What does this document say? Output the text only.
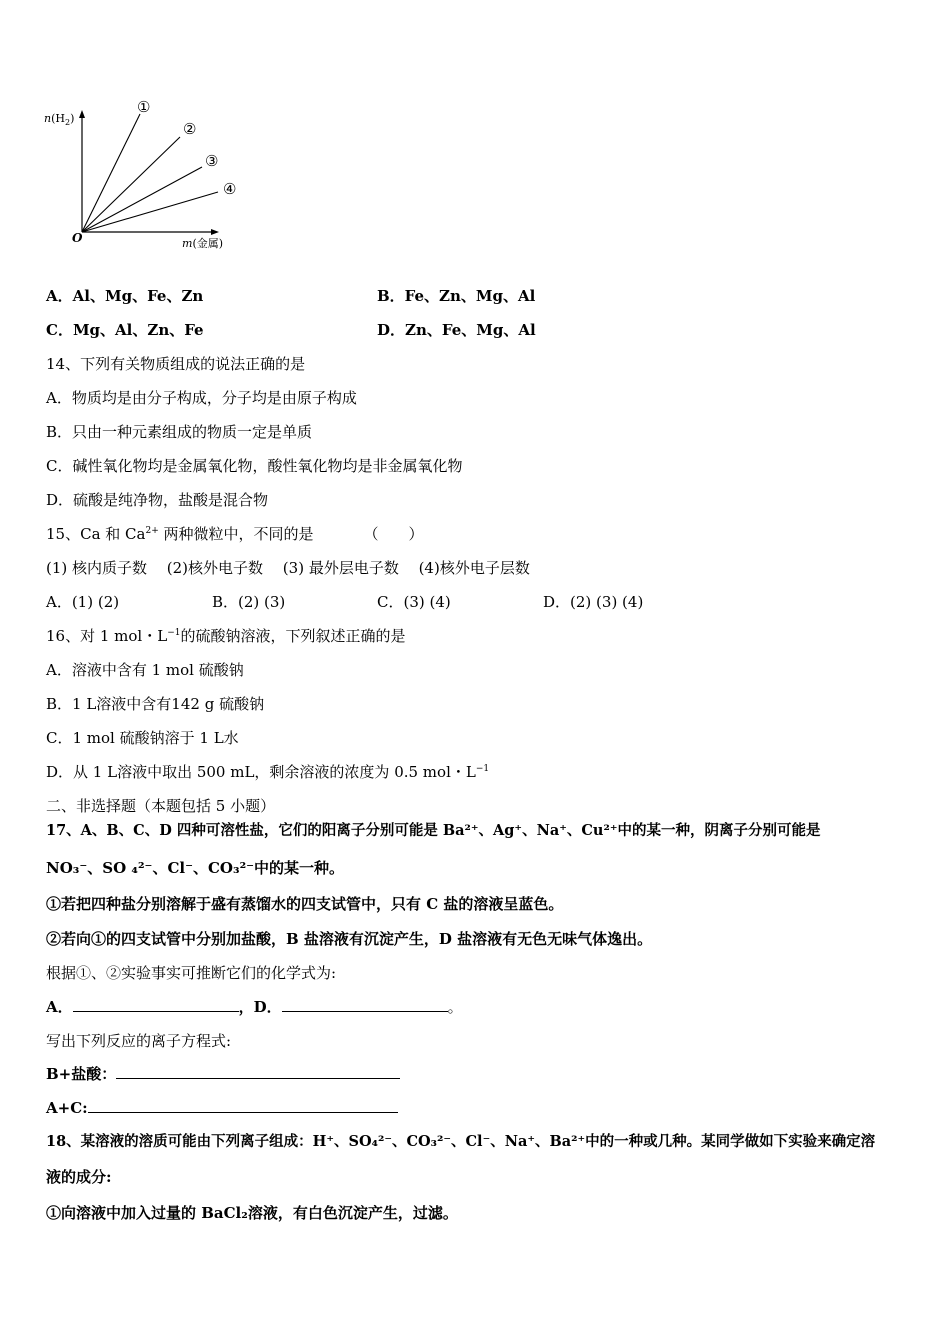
$n(H_2)$
O	m(金属)
①
②
③
④
A．Al、Mg、Fe、Zn	B．Fe、Zn、Mg、Al
C．Mg、Al、Zn、Fe	D．Zn、Fe、Mg、Al
14、下列有关物质组成的说法正确的是
A．物质均是由分子构成，分子均是由原子构成
B．只由一种元素组成的物质一定是单质
C．碱性氧化物均是金属氧化物，酸性氧化物均是非金属氧化物
D．硫酸是纯净物，盐酸是混合物
15、Ca 和 $Ca^{2+}$ 两种微粒中，不同的是	（　　）
(1) 核内质子数　 (2)核外电子数　 (3) 最外层电子数　 (4)核外电子层数
A．(1) (2)	B．(2) (3)	C．(3) (4)	D．(2) (3) (4)
16、对 1 mol・$L^{-1}$的硫酸钠溶液，下列叙述正确的是
A．溶液中含有 1 mol 硫酸钠
B．1 L溶液中含有142 g 硫酸钠
C．1 mol 硫酸钠溶于 1 L水
D．从 1 L溶液中取出 500 mL，剩余溶液的浓度为 0.5 mol・$L^{-1}$
二、非选择题（本题包括 5 小题）
17、A、B、C、D 四种可溶性盐，它们的阳离子分别可能是 Ba²⁺、Ag⁺、Na⁺、Cu²⁺中的某一种，阴离子分别可能是
NO₃⁻、SO ₄²⁻、Cl⁻、CO₃²⁻中的某一种。
①若把四种盐分别溶解于盛有蒸馏水的四支试管中，只有 C 盐的溶液呈蓝色。
②若向①的四支试管中分别加盐酸，B 盐溶液有沉淀产生，D 盐溶液有无色无味气体逸出。
根据①、②实验事实可推断它们的化学式为:
A．	，D．	。
写出下列反应的离子方程式:
B+盐酸：
A+C:
18、某溶液的溶质可能由下列离子组成：H⁺、SO₄²⁻、CO₃²⁻、Cl⁻、Na⁺、Ba²⁺中的一种或几种。某同学做如下实验来确定溶
液的成分:
①向溶液中加入过量的 BaCl₂溶液，有白色沉淀产生，过滤。
